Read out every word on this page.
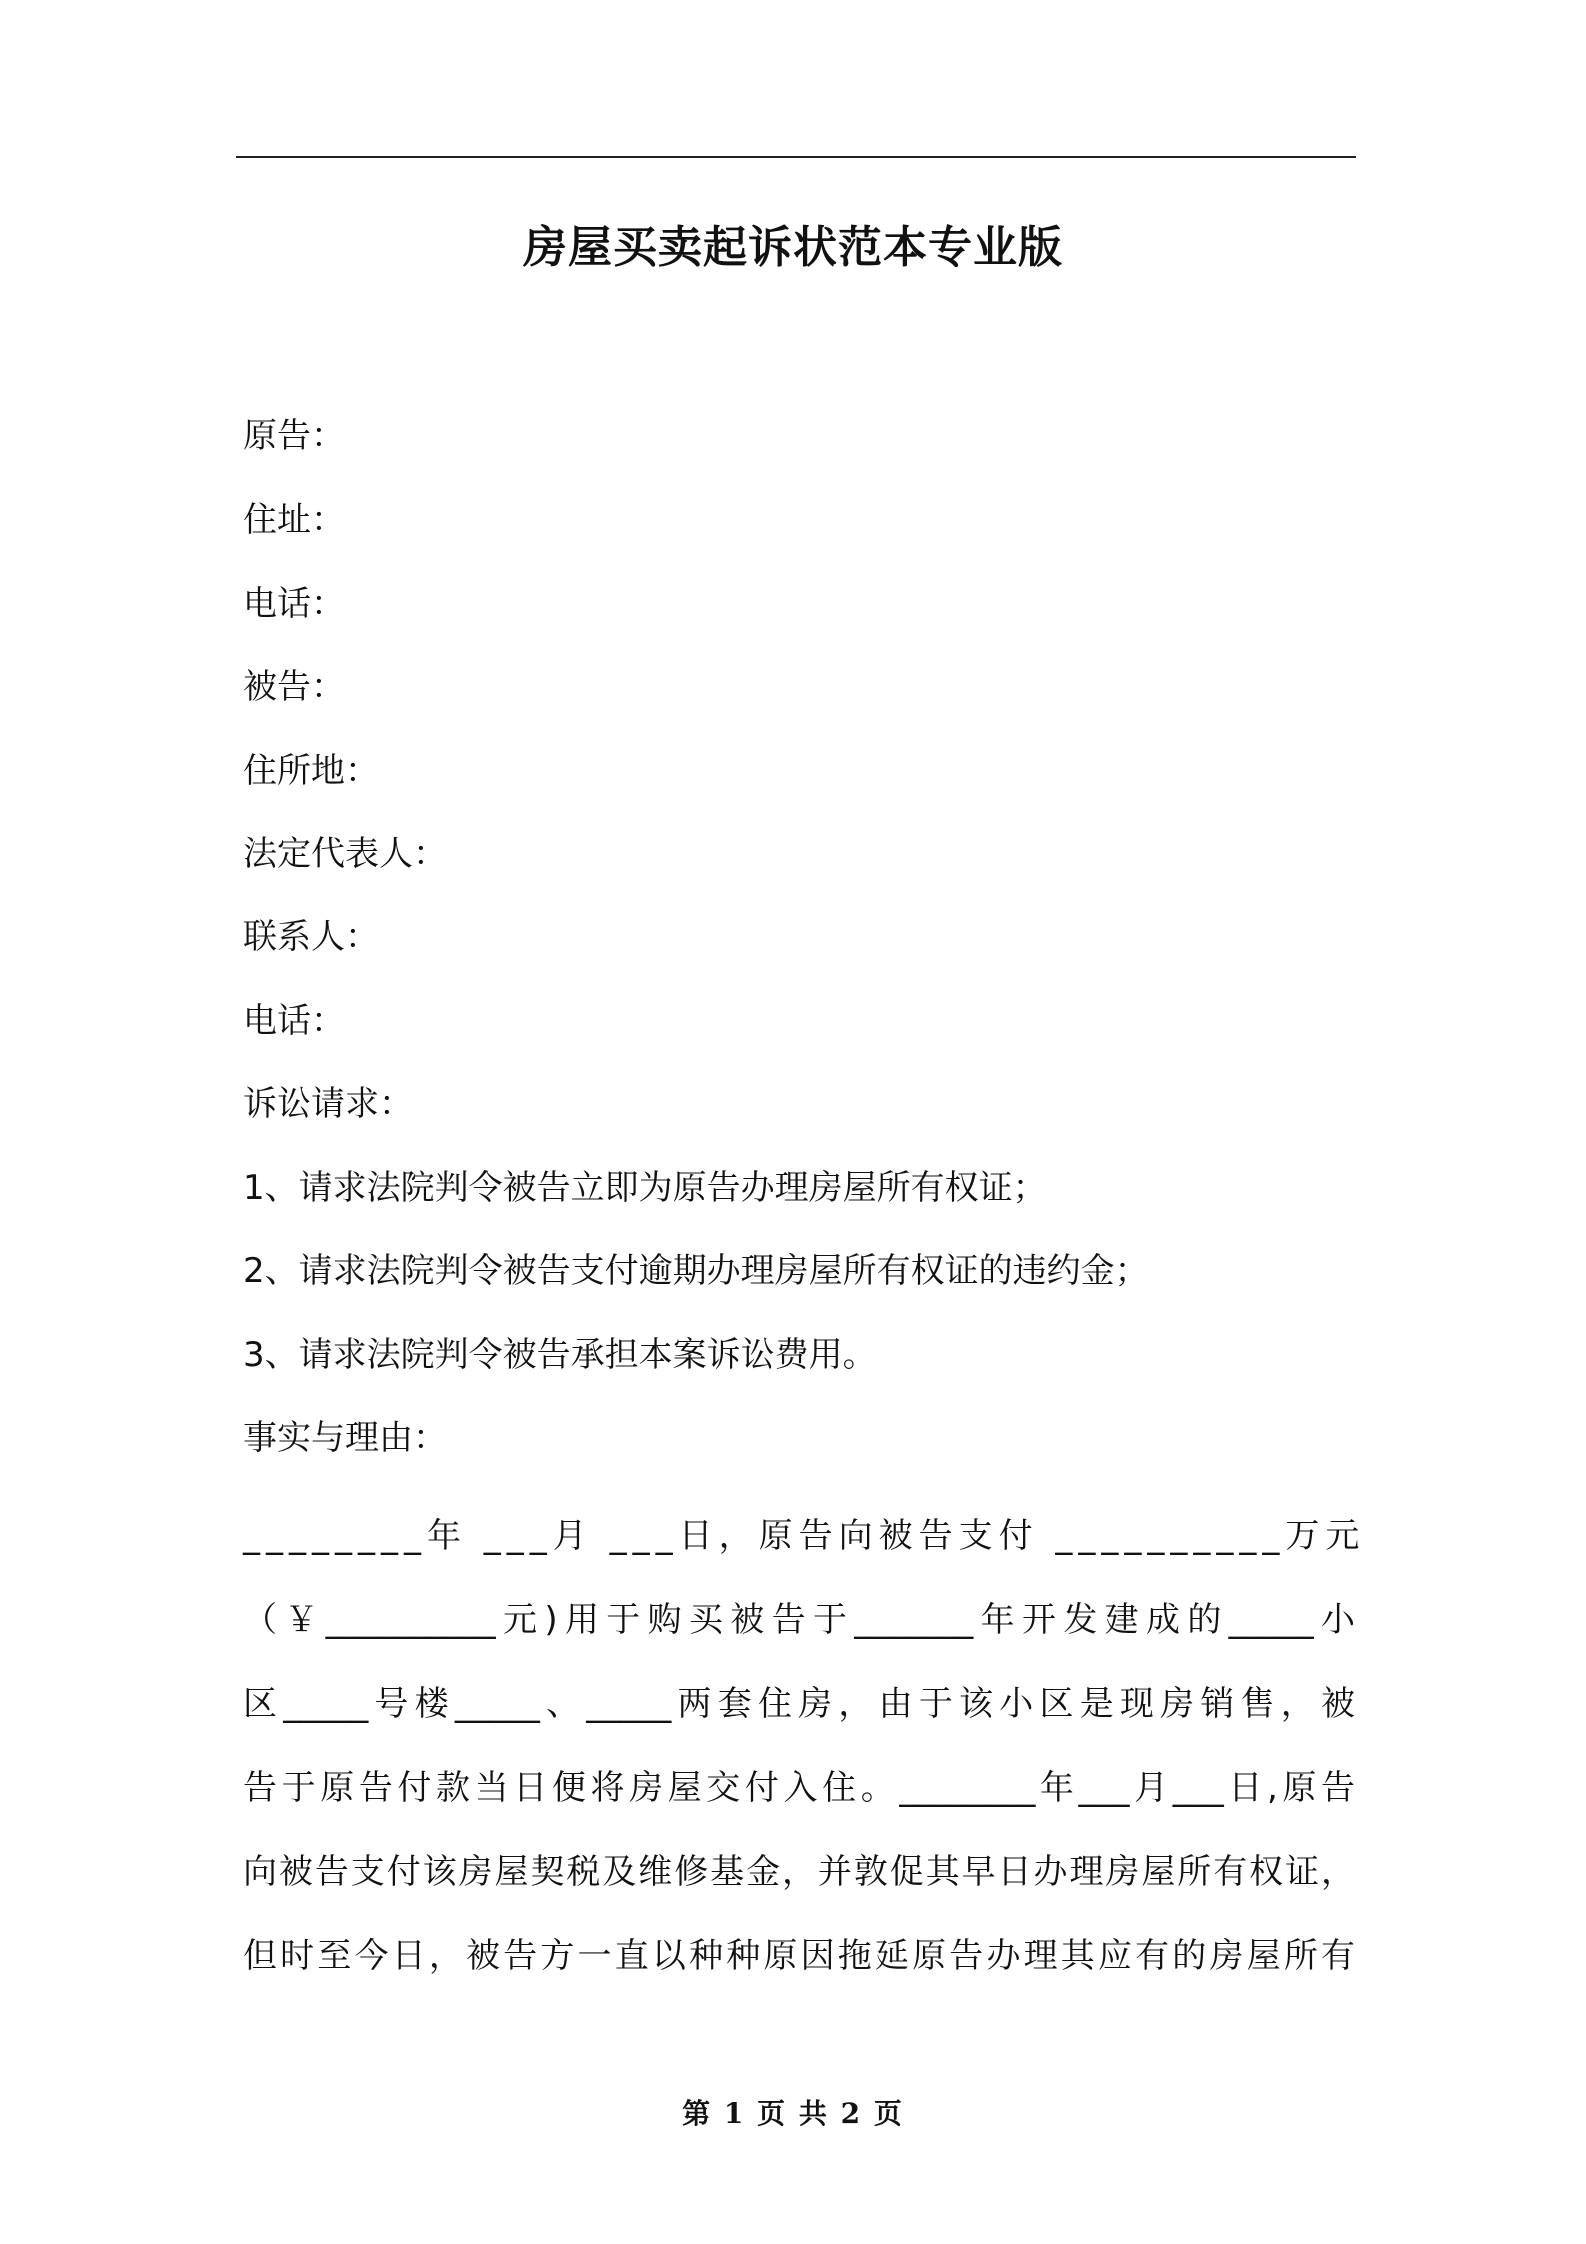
房屋买卖起诉状范本专业版
原告：
住址：
电话：
被告：
住所地：
法定代表人：
联系人：
电话：
诉讼请求：
1、请求法院判令被告立即为原告办理房屋所有权证；
2、请求法院判令被告支付逾期办理房屋所有权证的违约金；
3、请求法院判令被告承担本案诉讼费用。
事实与理由：
________年 ___月 ___日，原告向被告支付 __________万元
（￥__________元)用于购买被告于_______年开发建成的_____小
区_____号楼_____、_____两套住房，由于该小区是现房销售，被
告于原告付款当日便将房屋交付入住。________年___月___日,原告
向被告支付该房屋契税及维修基金，并敦促其早日办理房屋所有权证，
但时至今日，被告方一直以种种原因拖延原告办理其应有的房屋所有
第 1 页 共 2 页
